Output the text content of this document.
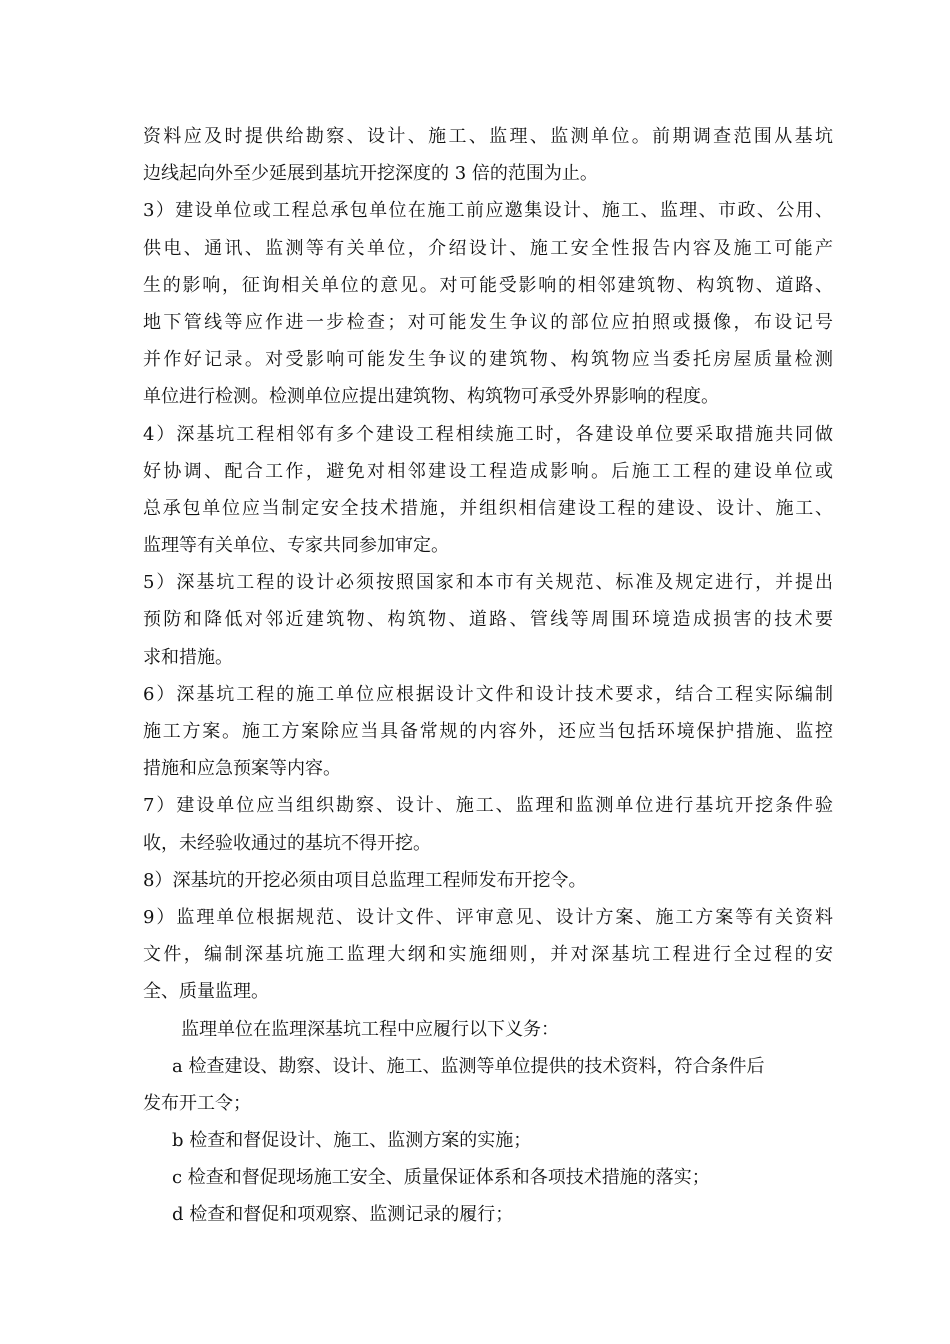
资料应及时提供给勘察、设计、施工、监理、监测单位。前期调查范围从基坑
边线起向外至少延展到基坑开挖深度的 3 倍的范围为止。
3）建设单位或工程总承包单位在施工前应邀集设计、施工、监理、市政、公用、
供电、通讯、监测等有关单位，介绍设计、施工安全性报告内容及施工可能产
生的影响，征询相关单位的意见。对可能受影响的相邻建筑物、构筑物、道路、
地下管线等应作进一步检查；对可能发生争议的部位应拍照或摄像，布设记号
并作好记录。对受影响可能发生争议的建筑物、构筑物应当委托房屋质量检测
单位进行检测。检测单位应提出建筑物、构筑物可承受外界影响的程度。
4）深基坑工程相邻有多个建设工程相续施工时，各建设单位要采取措施共同做
好协调、配合工作，避免对相邻建设工程造成影响。后施工工程的建设单位或
总承包单位应当制定安全技术措施，并组织相信建设工程的建设、设计、施工、
监理等有关单位、专家共同参加审定。
5）深基坑工程的设计必须按照国家和本市有关规范、标准及规定进行，并提出
预防和降低对邻近建筑物、构筑物、道路、管线等周围环境造成损害的技术要
求和措施。
6）深基坑工程的施工单位应根据设计文件和设计技术要求，结合工程实际编制
施工方案。施工方案除应当具备常规的内容外，还应当包括环境保护措施、监控
措施和应急预案等内容。
7）建设单位应当组织勘察、设计、施工、监理和监测单位进行基坑开挖条件验
收，未经验收通过的基坑不得开挖。
8）深基坑的开挖必须由项目总监理工程师发布开挖令。
9）监理单位根据规范、设计文件、评审意见、设计方案、施工方案等有关资料
文件，编制深基坑施工监理大纲和实施细则，并对深基坑工程进行全过程的安
全、质量监理。
监理单位在监理深基坑工程中应履行以下义务：
a 检查建设、勘察、设计、施工、监测等单位提供的技术资料，符合条件后
发布开工令；
b 检查和督促设计、施工、监测方案的实施；
c 检查和督促现场施工安全、质量保证体系和各项技术措施的落实；
d 检查和督促和项观察、监测记录的履行；
